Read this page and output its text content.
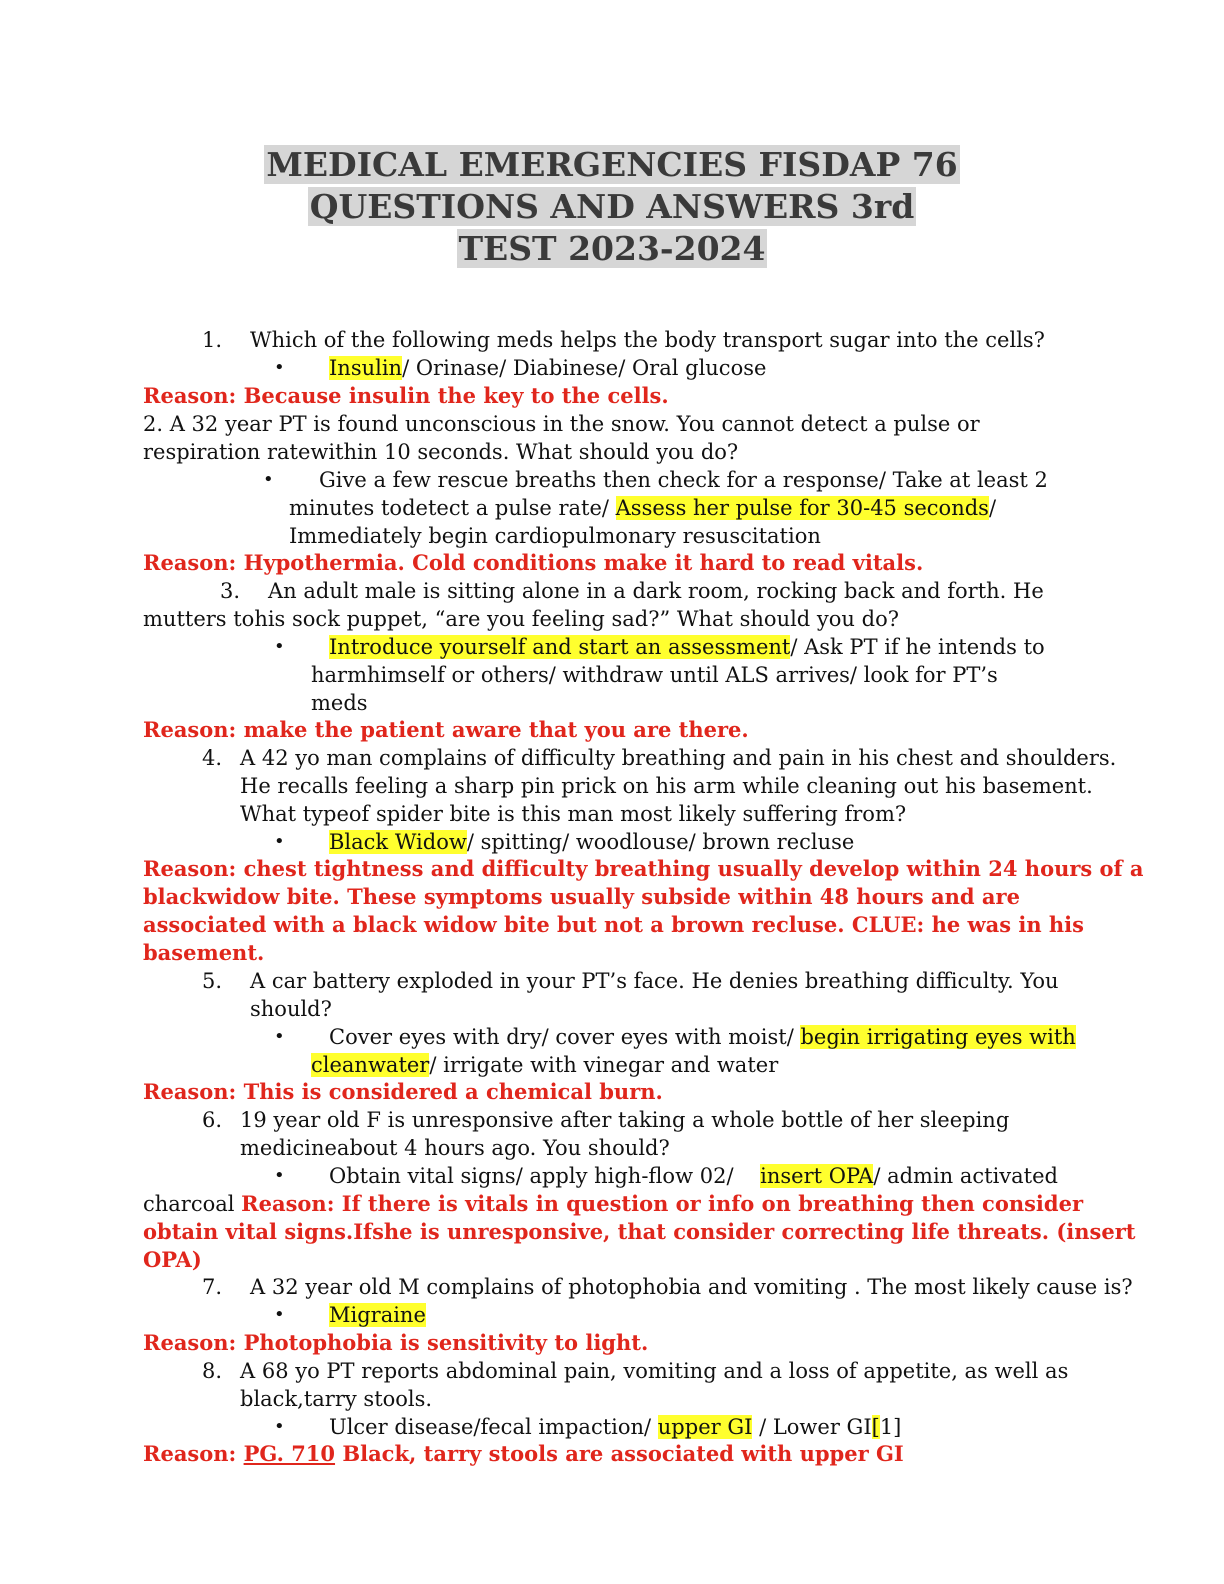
MEDICAL EMERGENCIES FISDAP 76
QUESTIONS AND ANSWERS 3rd
TEST 2023-2024
1. Which of the following meds helps the body transport sugar into the cells?
• Insulin/ Orinase/ Diabinese/ Oral glucose
Reason: Because insulin the key to the cells.
2. A 32 year PT is found unconscious in the snow. You cannot detect a pulse or
respiration ratewithin 10 seconds. What should you do?
• Give a few rescue breaths then check for a response/ Take at least 2
minutes todetect a pulse rate/ Assess her pulse for 30-45 seconds/
Immediately begin cardiopulmonary resuscitation
Reason: Hypothermia. Cold conditions make it hard to read vitals.
3. An adult male is sitting alone in a dark room, rocking back and forth. He
mutters tohis sock puppet, “are you feeling sad?” What should you do?
• Introduce yourself and start an assessment/ Ask PT if he intends to
harmhimself or others/ withdraw until ALS arrives/ look for PT’s
meds
Reason: make the patient aware that you are there.
4. A 42 yo man complains of difficulty breathing and pain in his chest and shoulders.
He recalls feeling a sharp pin prick on his arm while cleaning out his basement.
What typeof spider bite is this man most likely suffering from?
• Black Widow/ spitting/ woodlouse/ brown recluse
Reason: chest tightness and difficulty breathing usually develop within 24 hours of a
blackwidow bite. These symptoms usually subside within 48 hours and are
associated with a black widow bite but not a brown recluse. CLUE: he was in his
basement.
5. A car battery exploded in your PT’s face. He denies breathing difficulty. You
should?
• Cover eyes with dry/ cover eyes with moist/ begin irrigating eyes with
cleanwater/ irrigate with vinegar and water
Reason: This is considered a chemical burn.
6. 19 year old F is unresponsive after taking a whole bottle of her sleeping
medicineabout 4 hours ago. You should?
• Obtain vital signs/ apply high-flow 02/ insert OPA/ admin activated
charcoal Reason: If there is vitals in question or info on breathing then consider
obtain vital signs.Ifshe is unresponsive, that consider correcting life threats. (insert
OPA)
7. A 32 year old M complains of photophobia and vomiting . The most likely cause is?
• Migraine
Reason: Photophobia is sensitivity to light.
8. A 68 yo PT reports abdominal pain, vomiting and a loss of appetite, as well as
black,tarry stools.
• Ulcer disease/fecal impaction/ upper GI / Lower GI[1]
Reason: PG. 710 Black, tarry stools are associated with upper GI
